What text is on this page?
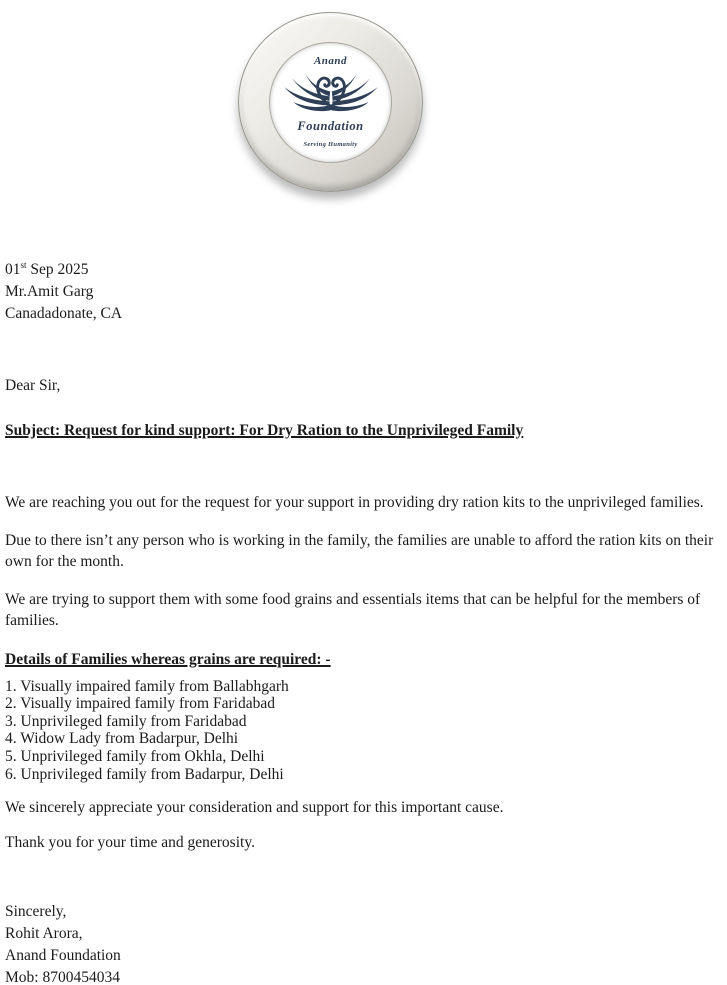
Anand
Foundation
Serving Humanity
01st Sep 2025
Mr.Amit Garg
Canadadonate, CA
Dear Sir,
Subject: Request for kind support: For Dry Ration to the Unprivileged Family

We are reaching you out for the request for your support in providing dry ration kits to the unprivileged families.

Due to there isn’t any person who is working in the family, the families are unable to afford the ration kits on their own for the month.

We are trying to support them with some food grains and essentials items that can be helpful for the members of families.

Details of Families whereas grains are required: -
1. Visually impaired family from Ballabhgarh
2. Visually impaired family from Faridabad
3. Unprivileged family from Faridabad
4. Widow Lady from Badarpur, Delhi
5. Unprivileged family from Okhla, Delhi
6. Unprivileged family from Badarpur, Delhi

We sincerely appreciate your consideration and support for this important cause.

Thank you for your time and generosity.

Sincerely,
Rohit Arora,
Anand Foundation
Mob: 8700454034
